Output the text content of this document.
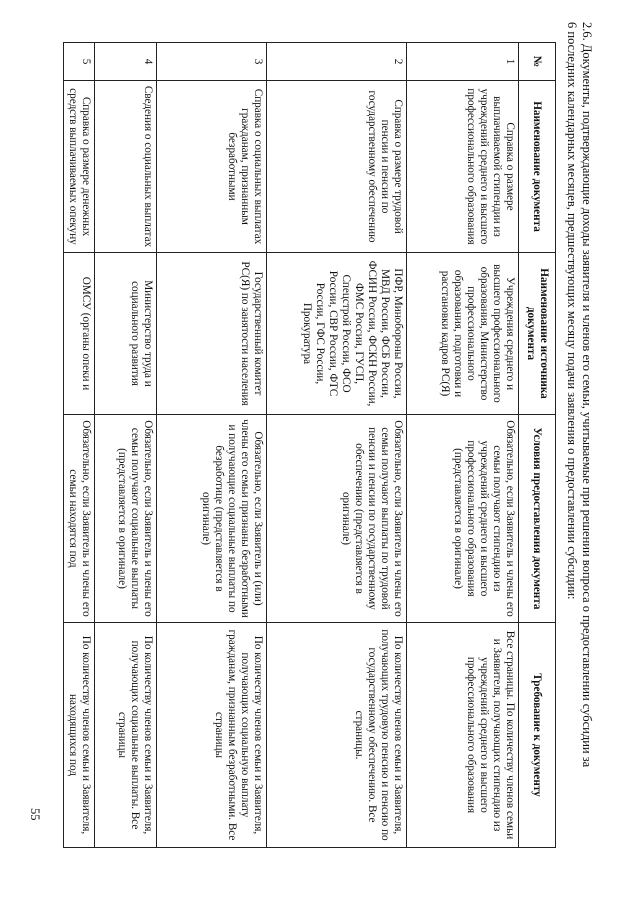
2.6. Документы, подтверждающие доходы заявителя и членов его семьи, учитываемые при решении вопроса о предоставлении субсидии за
6 последних календарных месяцев, предшествующих месяцу подачи заявления о предоставлении субсидии:
№	Наименование документа	Наименование источника документа	Условия предоставления документа	Требование к документу
1	Справка о размере выплачиваемой стипендии из учреждений среднего и высшего профессионального образования	Учреждения среднего и высшего профессионального образования, Министерство профессионального образования, подготовки и расстановки кадров РС(Я)	Обязательно, если Заявитель и члены его семьи получают стипендию из учреждений среднего и высшего профессионального образования (представляется в оригинале)	Все страницы. По количеству членов семьи и Заявителя, получающих стипендию из учреждений среднего и высшего профессионального образования
2	Справка о размере трудовой пенсии и пенсии по государственному обеспечению	ПФР, Минобороны России, МВД России, ФСБ России, ФСИН России, ФСКН России, ФМС России, ГУСП, Спецстрой России, ФСО России, СВР России, ФТС России, ГФС России, Прокуратура	Обязательно, если Заявитель и члены его семьи получают выплаты по трудовой пенсии и пенсии по государственному обеспечению (представляется в оригинале)	По количеству членов семьи и Заявителя, получающих трудовую пенсию и пенсию по государственному обеспечению. Все страницы.
3	Справка о социальных выплатах гражданам, признанным безработными	Государственный комитет РС(Я) по занятости населения	Обязательно, если Заявитель и (или) члены его семьи признаны безработными и получающие социальные выплаты по безработице (представляется в оригинале)	По количеству членов семьи и Заявителя, получающих социальную выплату гражданам, признанным безработными. Все страницы
4	Сведения о социальных выплатах	Министерство труда и социального развития	Обязательно, если Заявитель и члены его семьи получают социальные выплаты (представляется в оригинале)	По количеству членов семьи и Заявителя, получающих социальные выплаты. Все страницы
5	Справка о размере денежных средств выплачиваемых опекуну	ОМСУ (органы опеки и	Обязательно, если Заявитель и члены его семьи находятся под	По количеству членов семьи и Заявителя, находящихся под
55
